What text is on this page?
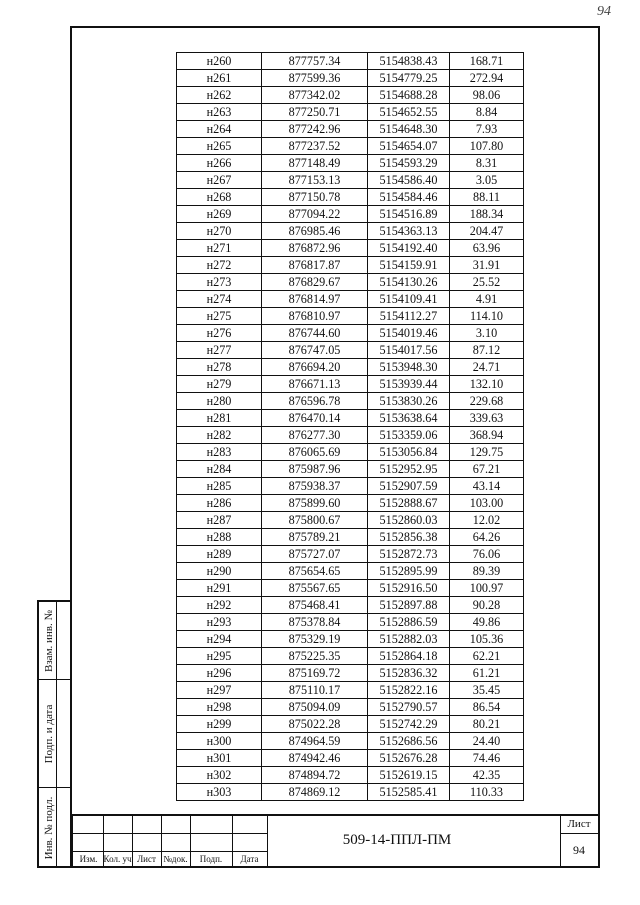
94
Взам. инв. №
Подп. и дата
Инв. № подл.
н260	877757.34	5154838.43	168.71
н261	877599.36	5154779.25	272.94
н262	877342.02	5154688.28	98.06
н263	877250.71	5154652.55	8.84
н264	877242.96	5154648.30	7.93
н265	877237.52	5154654.07	107.80
н266	877148.49	5154593.29	8.31
н267	877153.13	5154586.40	3.05
н268	877150.78	5154584.46	88.11
н269	877094.22	5154516.89	188.34
н270	876985.46	5154363.13	204.47
н271	876872.96	5154192.40	63.96
н272	876817.87	5154159.91	31.91
н273	876829.67	5154130.26	25.52
н274	876814.97	5154109.41	4.91
н275	876810.97	5154112.27	114.10
н276	876744.60	5154019.46	3.10
н277	876747.05	5154017.56	87.12
н278	876694.20	5153948.30	24.71
н279	876671.13	5153939.44	132.10
н280	876596.78	5153830.26	229.68
н281	876470.14	5153638.64	339.63
н282	876277.30	5153359.06	368.94
н283	876065.69	5153056.84	129.75
н284	875987.96	5152952.95	67.21
н285	875938.37	5152907.59	43.14
н286	875899.60	5152888.67	103.00
н287	875800.67	5152860.03	12.02
н288	875789.21	5152856.38	64.26
н289	875727.07	5152872.73	76.06
н290	875654.65	5152895.99	89.39
н291	875567.65	5152916.50	100.97
н292	875468.41	5152897.88	90.28
н293	875378.84	5152886.59	49.86
н294	875329.19	5152882.03	105.36
н295	875225.35	5152864.18	62.21
н296	875169.72	5152836.32	61.21
н297	875110.17	5152822.16	35.45
н298	875094.09	5152790.57	86.54
н299	875022.28	5152742.29	80.21
н300	874964.59	5152686.56	24.40
н301	874942.46	5152676.28	74.46
н302	874894.72	5152619.15	42.35
н303	874869.12	5152585.41	110.33
Изм. Кол. уч Лист №док.	Подп.	Дата
509-14-ППЛ-ПМ
Лист
94
